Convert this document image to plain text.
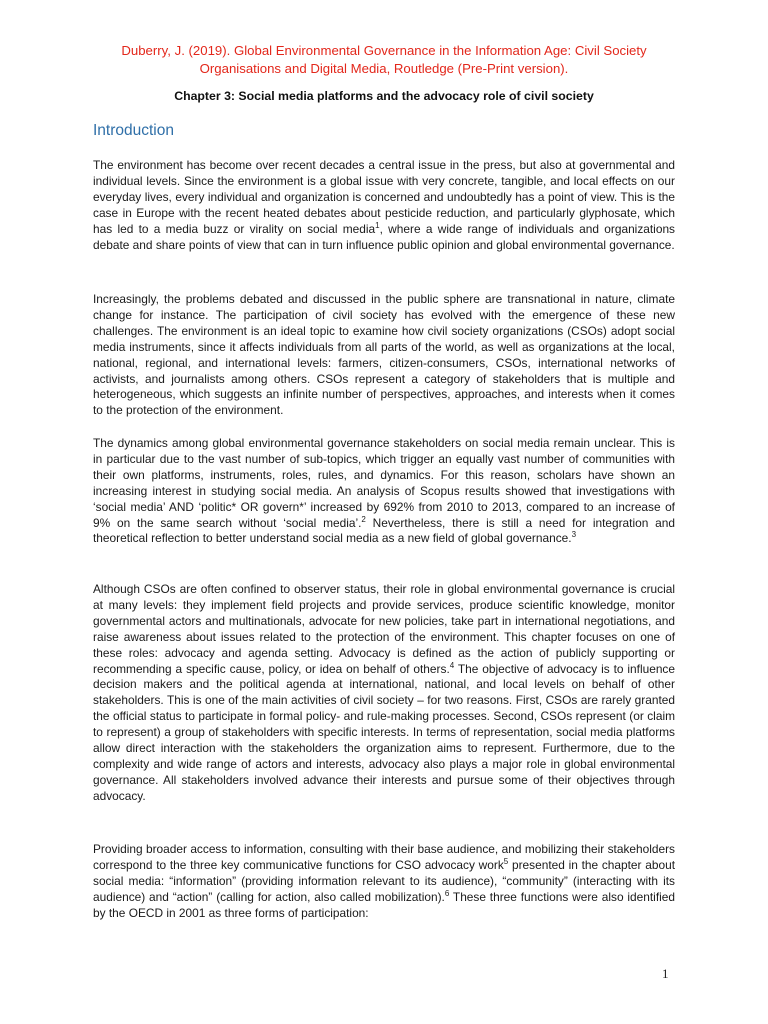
Duberry, J. (2019). Global Environmental Governance in the Information Age: Civil Society
Organisations and Digital Media, Routledge (Pre-Print version).
Chapter 3: Social media platforms and the advocacy role of civil society
Introduction

The environment has become over recent decades a central issue in the press, but also at governmental and individual levels. Since the environment is a global issue with very concrete, tangible, and local effects on our everyday lives, every individual and organization is concerned and undoubtedly has a point of view. This is the case in Europe with the recent heated debates about pesticide reduction, and particularly glyphosate, which has led to a media buzz or virality on social media$^1$, where a wide range of individuals and organizations debate and share points of view that can in turn influence public opinion and global environmental governance.

Increasingly, the problems debated and discussed in the public sphere are transnational in nature, climate change for instance. The participation of civil society has evolved with the emergence of these new challenges. The environment is an ideal topic to examine how civil society organizations (CSOs) adopt social media instruments, since it affects individuals from all parts of the world, as well as organizations at the local, national, regional, and international levels: farmers, citizen-consumers, CSOs, international networks of activists, and journalists among others. CSOs represent a category of stakeholders that is multiple and heterogeneous, which suggests an infinite number of perspectives, approaches, and interests when it comes to the protection of the environment.

The dynamics among global environmental governance stakeholders on social media remain unclear. This is in particular due to the vast number of sub-topics, which trigger an equally vast number of communities with their own platforms, instruments, roles, rules, and dynamics. For this reason, scholars have shown an increasing interest in studying social media. An analysis of Scopus results showed that investigations with ‘social media’ AND ‘politic* OR govern*’ increased by 692% from 2010 to 2013, compared to an increase of 9% on the same search without ‘social media’.$^2$ Nevertheless, there is still a need for integration and theoretical reflection to better understand social media as a new field of global governance.$^3$

Although CSOs are often confined to observer status, their role in global environmental governance is crucial at many levels: they implement field projects and provide services, produce scientific knowledge, monitor governmental actors and multinationals, advocate for new policies, take part in international negotiations, and raise awareness about issues related to the protection of the environment. This chapter focuses on one of these roles: advocacy and agenda setting. Advocacy is defined as the action of publicly supporting or recommending a specific cause, policy, or idea on behalf of others.$^4$ The objective of advocacy is to influence decision makers and the political agenda at international, national, and local levels on behalf of other stakeholders. This is one of the main activities of civil society – for two reasons. First, CSOs are rarely granted the official status to participate in formal policy- and rule-making processes. Second, CSOs represent (or claim to represent) a group of stakeholders with specific interests. In terms of representation, social media platforms allow direct interaction with the stakeholders the organization aims to represent. Furthermore, due to the complexity and wide range of actors and interests, advocacy also plays a major role in global environmental governance. All stakeholders involved advance their interests and pursue some of their objectives through advocacy.

Providing broader access to information, consulting with their base audience, and mobilizing their stakeholders correspond to the three key communicative functions for CSO advocacy work$^5$ presented in the chapter about social media: “information” (providing information relevant to its audience), “community” (interacting with its audience) and “action” (calling for action, also called mobilization).$^6$ These three functions were also identified by the OECD in 2001 as three forms of participation:

1
